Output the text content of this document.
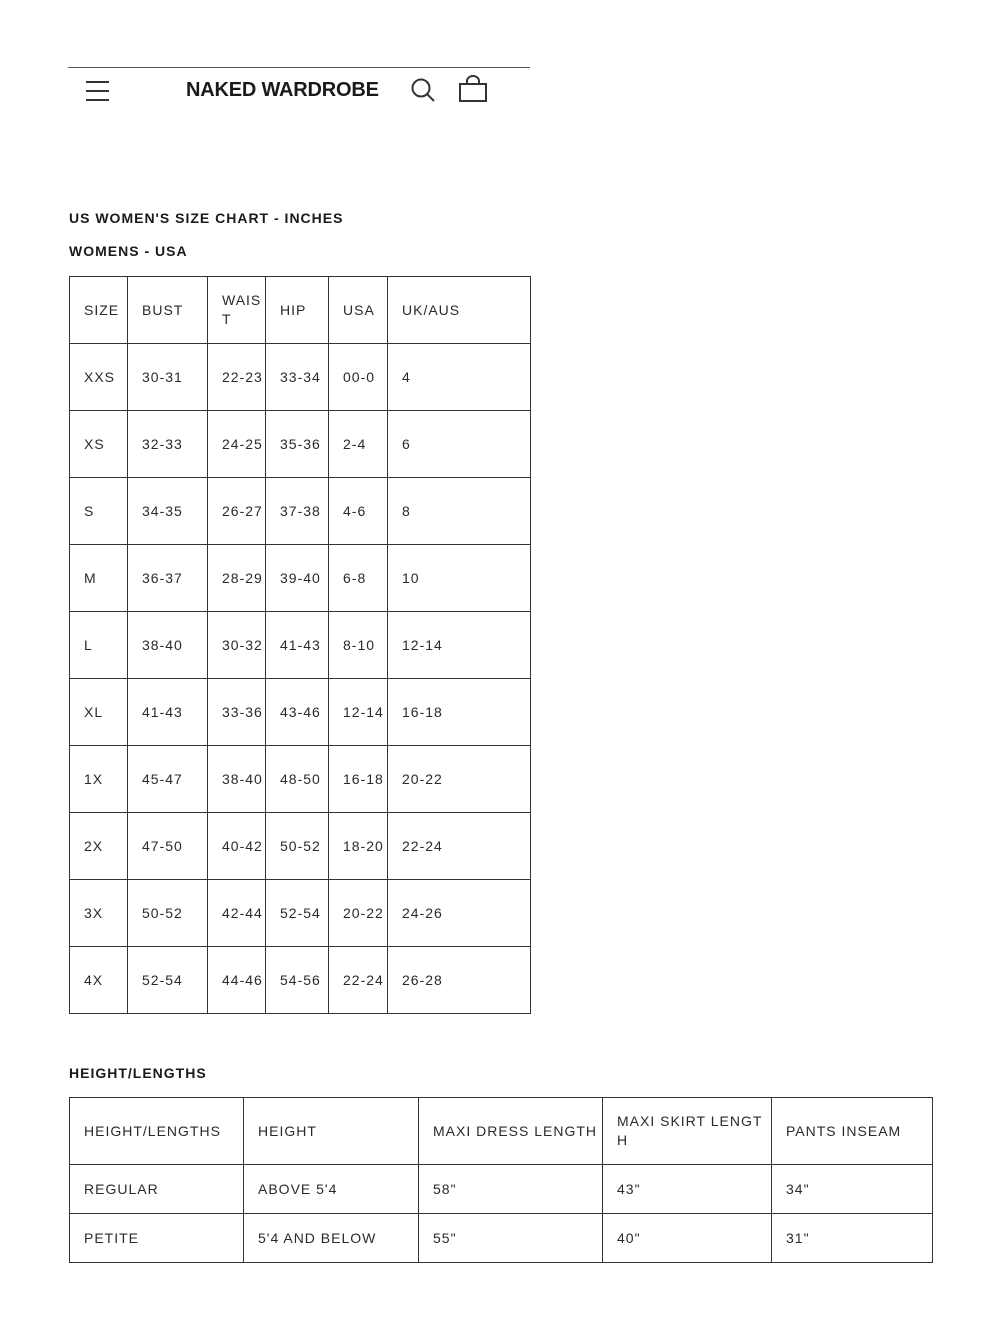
NAKED WARDROBE
US WOMEN'S SIZE CHART - INCHES
WOMENS - USA
SIZE	BUST	WAIST	HIP	USA	UK/AUS
XXS	30-31	22-23	33-34	00-0	4
XS	32-33	24-25	35-36	2-4	6
S	34-35	26-27	37-38	4-6	8
M	36-37	28-29	39-40	6-8	10
L	38-40	30-32	41-43	8-10	12-14
XL	41-43	33-36	43-46	12-14	16-18
1X	45-47	38-40	48-50	16-18	20-22
2X	47-50	40-42	50-52	18-20	22-24
3X	50-52	42-44	52-54	20-22	24-26
4X	52-54	44-46	54-56	22-24	26-28
HEIGHT/LENGTHS
HEIGHT/LENGTHS	HEIGHT	MAXI DRESS LENGTH	MAXI SKIRT LENGTH	PANTS INSEAM
REGULAR	ABOVE 5'4	58"	43"	34"
PETITE	5'4 AND BELOW	55"	40"	31"
